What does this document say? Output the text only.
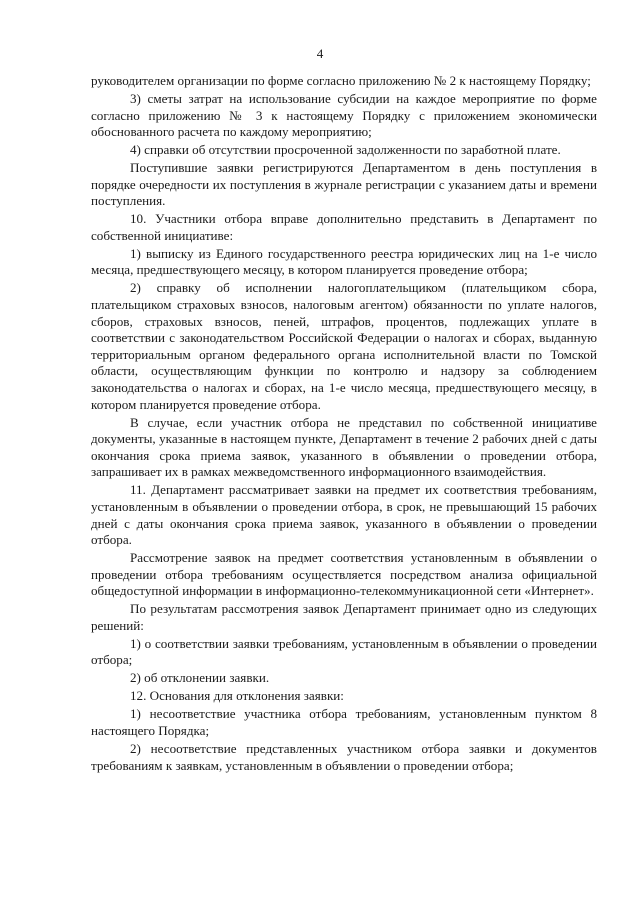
4

руководителем организации по форме согласно приложению № 2 к настоящему Порядку;

3) сметы затрат на использование субсидии на каждое мероприятие по форме согласно приложению № 3 к настоящему Порядку с приложением экономически обоснованного расчета по каждому мероприятию;

4) справки об отсутствии просроченной задолженности по заработной плате.

Поступившие заявки регистрируются Департаментом в день поступления в порядке очередности их поступления в журнале регистрации с указанием даты и времени поступления.

10. Участники отбора вправе дополнительно представить в Департамент по собственной инициативе:

1) выписку из Единого государственного реестра юридических лиц на 1-е число месяца, предшествующего месяцу, в котором планируется проведение отбора;

2) справку об исполнении налогоплательщиком (плательщиком сбора, плательщиком страховых взносов, налоговым агентом) обязанности по уплате налогов, сборов, страховых взносов, пеней, штрафов, процентов, подлежащих уплате в соответствии с законодательством Российской Федерации о налогах и сборах, выданную территориальным органом федерального органа исполнительной власти по Томской области, осуществляющим функции по контролю и надзору за соблюдением законодательства о налогах и сборах, на 1-е число месяца, предшествующего месяцу, в котором планируется проведение отбора.

В случае, если участник отбора не представил по собственной инициативе документы, указанные в настоящем пункте, Департамент в течение 2 рабочих дней с даты окончания срока приема заявок, указанного в объявлении о проведении отбора, запрашивает их в рамках межведомственного информационного взаимодействия.

11. Департамент рассматривает заявки на предмет их соответствия требованиям, установленным в объявлении о проведении отбора, в срок, не превышающий 15 рабочих дней с даты окончания срока приема заявок, указанного в объявлении о проведении отбора.

Рассмотрение заявок на предмет соответствия установленным в объявлении о проведении отбора требованиям осуществляется посредством анализа официальной общедоступной информации в информационно-телекоммуникационной сети «Интернет».

По результатам рассмотрения заявок Департамент принимает одно из следующих решений:

1) о соответствии заявки требованиям, установленным в объявлении о проведении отбора;

2) об отклонении заявки.

12. Основания для отклонения заявки:

1) несоответствие участника отбора требованиям, установленным пунктом 8 настоящего Порядка;

2) несоответствие представленных участником отбора заявки и документов требованиям к заявкам, установленным в объявлении о проведении отбора;
